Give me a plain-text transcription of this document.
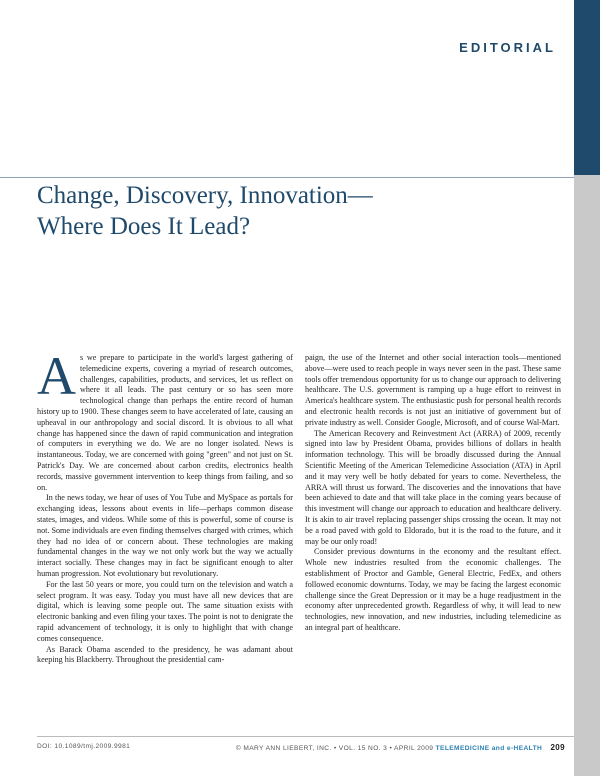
EDITORIAL
Change, Discovery, Innovation—
Where Does It Lead?

As we prepare to participate in the world's largest gathering of telemedicine experts, covering a myriad of research outcomes, challenges, capabilities, products, and services, let us reflect on where it all leads. The past century or so has seen more technological change than perhaps the entire record of human history up to 1900. These changes seem to have accelerated of late, causing an upheaval in our anthropology and social discord. It is obvious to all what change has happened since the dawn of rapid communication and integration of computers in everything we do. We are no longer isolated. News is instantaneous. Today, we are concerned with going "green" and not just on St. Patrick's Day. We are concerned about carbon credits, electronics health records, massive government intervention to keep things from failing, and so on.

In the news today, we hear of uses of You Tube and MySpace as portals for exchanging ideas, lessons about events in life—perhaps common disease states, images, and videos. While some of this is powerful, some of course is not. Some individuals are even finding themselves charged with crimes, which they had no idea of or concern about. These technologies are making fundamental changes in the way we not only work but the way we actually interact socially. These changes may in fact be significant enough to alter human progression. Not evolutionary but revolutionary.

For the last 50 years or more, you could turn on the television and watch a select program. It was easy. Today you must have all new devices that are digital, which is leaving some people out. The same situation exists with electronic banking and even filing your taxes. The point is not to denigrate the rapid advancement of technology, it is only to highlight that with change comes consequence.

As Barack Obama ascended to the presidency, he was adamant about keeping his Blackberry. Throughout the presidential cam-

paign, the use of the Internet and other social interaction tools—mentioned above—were used to reach people in ways never seen in the past. These same tools offer tremendous opportunity for us to change our approach to delivering healthcare. The U.S. government is ramping up a huge effort to reinvest in America's healthcare system. The enthusiastic push for personal health records and electronic health records is not just an initiative of government but of private industry as well. Consider Google, Microsoft, and of course Wal-Mart.

The American Recovery and Reinvestment Act (ARRA) of 2009, recently signed into law by President Obama, provides billions of dollars in health information technology. This will be broadly discussed during the Annual Scientific Meeting of the American Telemedicine Association (ATA) in April and it may very well be hotly debated for years to come. Nevertheless, the ARRA will thrust us forward. The discoveries and the innovations that have been achieved to date and that will take place in the coming years because of this investment will change our approach to education and healthcare delivery. It is akin to air travel replacing passenger ships crossing the ocean. It may not be a road paved with gold to Eldorado, but it is the road to the future, and it may be our only road!

Consider previous downturns in the economy and the resultant effect. Whole new industries resulted from the economic challenges. The establishment of Proctor and Gamble, General Electric, FedEx, and others followed economic downturns. Today, we may be facing the largest economic challenge since the Great Depression or it may be a huge readjustment in the economy after unprecedented growth. Regardless of why, it will lead to new technologies, new innovation, and new industries, including telemedicine as an integral part of healthcare.

DOI: 10.1089/tmj.2009.9981	© MARY ANN LIEBERT, INC. • VOL. 15 NO. 3 • APRIL 2009 TELEMEDICINE and e-HEALTH 209
